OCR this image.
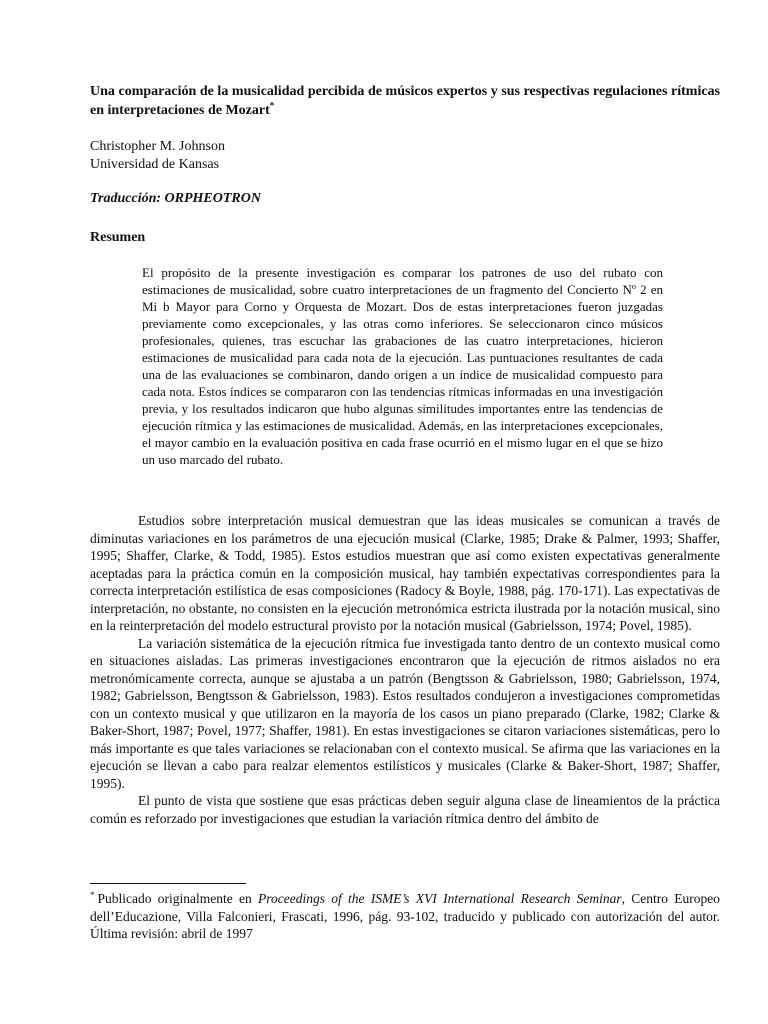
Una comparación de la musicalidad percibida de músicos expertos y sus respectivas regulaciones rítmicas en interpretaciones de Mozart*
Christopher M. Johnson
Universidad de Kansas
Traducción: ORPHEOTRON
Resumen
El propósito de la presente investigación es comparar los patrones de uso del rubato con estimaciones de musicalidad, sobre cuatro interpretaciones de un fragmento del Concierto Nº 2 en Mi b Mayor para Corno y Orquesta de Mozart. Dos de estas interpretaciones fueron juzgadas previamente como excepcionales, y las otras como inferiores. Se seleccionaron cinco músicos profesionales, quienes, tras escuchar las grabaciones de las cuatro interpretaciones, hicieron estimaciones de musicalidad para cada nota de la ejecución. Las puntuaciones resultantes de cada una de las evaluaciones se combinaron, dando origen a un índice de musicalidad compuesto para cada nota. Estos índices se compararon con las tendencias rítmicas informadas en una investigación previa, y los resultados indicaron que hubo algunas similitudes importantes entre las tendencias de ejecución rítmica y las estimaciones de musicalidad. Además, en las interpretaciones excepcionales, el mayor cambio en la evaluación positiva en cada frase ocurrió en el mismo lugar en el que se hizo un uso marcado del rubato.

Estudios sobre interpretación musical demuestran que las ideas musicales se comunican a través de diminutas variaciones en los parámetros de una ejecución musical (Clarke, 1985; Drake & Palmer, 1993; Shaffer, 1995; Shaffer, Clarke, & Todd, 1985). Estos estudios muestran que así como existen expectativas generalmente aceptadas para la práctica común en la composición musical, hay también expectativas correspondientes para la correcta interpretación estilística de esas composiciones (Radocy & Boyle, 1988, pág. 170-171). Las expectativas de interpretación, no obstante, no consisten en la ejecución metronómica estricta ilustrada por la notación musical, sino en la reinterpretación del modelo estructural provisto por la notación musical (Gabrielsson, 1974; Povel, 1985).

La variación sistemática de la ejecución rítmica fue investigada tanto dentro de un contexto musical como en situaciones aisladas. Las primeras investigaciones encontraron que la ejecución de ritmos aislados no era metronómicamente correcta, aunque se ajustaba a un patrón (Bengtsson & Gabrielsson, 1980; Gabrielsson, 1974, 1982; Gabrielsson, Bengtsson & Gabrielsson, 1983). Estos resultados condujeron a investigaciones comprometidas con un contexto musical y que utilizaron en la mayoría de los casos un piano preparado (Clarke, 1982; Clarke & Baker-Short, 1987; Povel, 1977; Shaffer, 1981). En estas investigaciones se citaron variaciones sistemáticas, pero lo más importante es que tales variaciones se relacionaban con el contexto musical. Se afirma que las variaciones en la ejecución se llevan a cabo para realzar elementos estilísticos y musicales (Clarke & Baker-Short, 1987; Shaffer, 1995).

El punto de vista que sostiene que esas prácticas deben seguir alguna clase de lineamientos de la práctica común es reforzado por investigaciones que estudian la variación rítmica dentro del ámbito de

* Publicado originalmente en Proceedings of the ISME’s XVI International Research Seminar, Centro Europeo dell’Educazione, Villa Falconieri, Frascati, 1996, pág. 93-102, traducido y publicado con autorización del autor. Última revisión: abril de 1997
